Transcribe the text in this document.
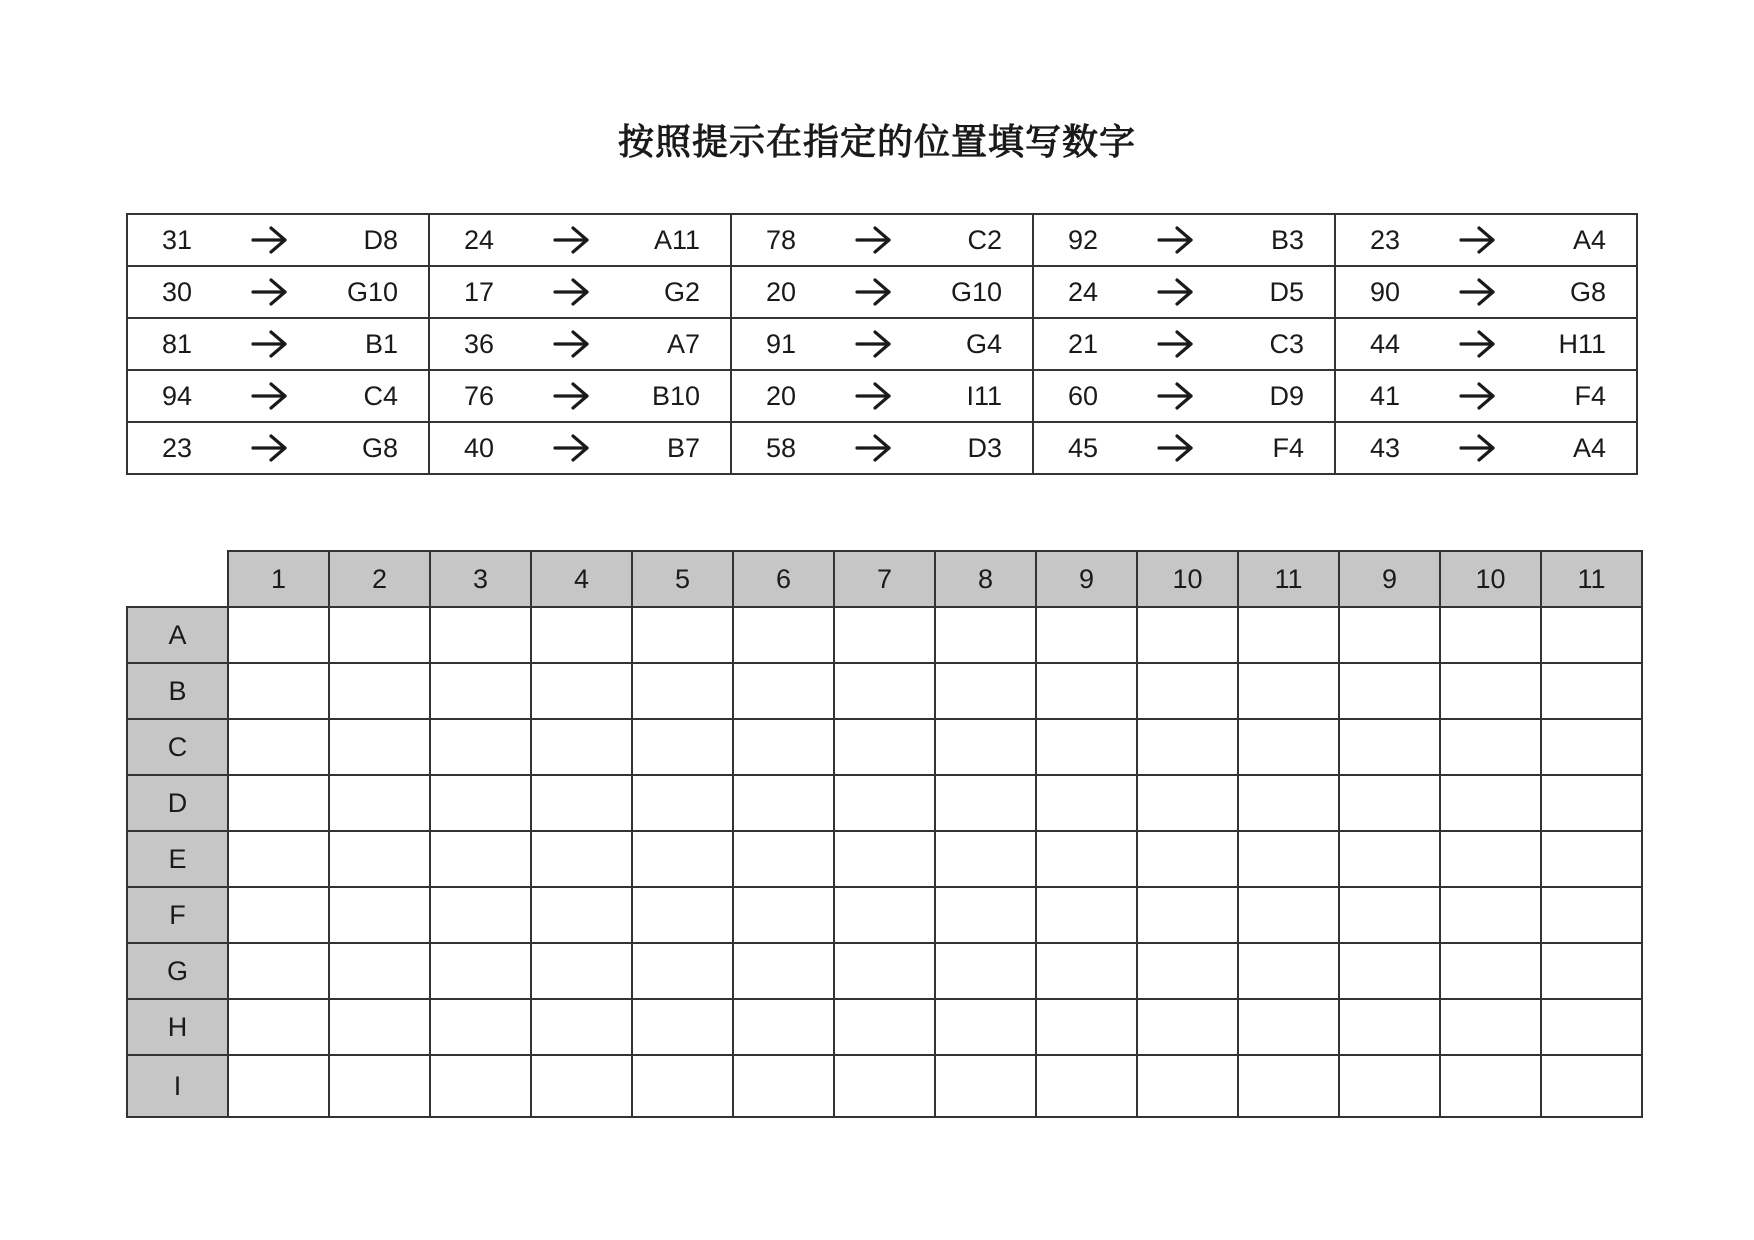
按照提示在指定的位置填写数字
31		D8	24		A11	78		C2	92		B3	23		A4
30		G10	17		G2	20		G10	24		D5	90		G8
81		B1	36		A7	91		G4	21		C3	44		H11
94		C4	76		B10	20		I11	60		D9	41		F4
23		G8	40		B7	58		D3	45		F4	43		A4
	1	2	3	4	5	6	7	8	9	10	11	9	10	11
A														
B														
C														
D														
E														
F														
G														
H														
I														
